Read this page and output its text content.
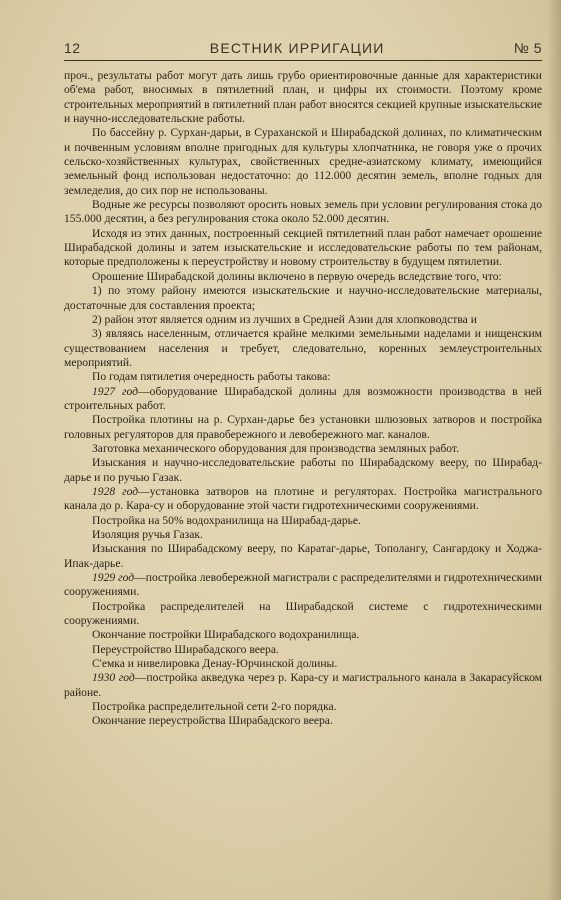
12	ВЕСТНИК ИРРИГАЦИИ	№ 5

проч., результаты работ могут дать лишь грубо ориентировочные данные для характеристики об'ема работ, вносимых в пятилетний план, и цифры их стоимости. Поэтому кроме строительных мероприятий в пятилетний план работ вносятся секцией крупные изыскательские и научно-исследовательские работы.

По бассейну р. Сурхан-дарьи, в Сураханской и Ширабадской долинах, по климатическим и почвенным условиям вполне пригодных для культуры хлопчатника, не говоря уже о прочих сельско-хозяйственных культурах, свойственных средне-азиатскому климату, имеющийся земельный фонд использован недостаточно: до 112.000 десятин земель, вполне годных для земледелия, до сих пор не использованы.

Водные же ресурсы позволяют оросить новых земель при условии регулирования стока до 155.000 десятин, а без регулирования стока около 52.000 десятин.

Исходя из этих данных, построенный секцией пятилетний план работ намечает орошение Ширабадской долины и затем изыскательские и исследовательские работы по тем районам, которые предположены к переустройству и новому строительству в будущем пятилетии.

Орошение Ширабадской долины включено в первую очередь вследствие того, что:

1) по этому району имеются изыскательские и научно-исследовательские материалы, достаточные для составления проекта;

2) район этот является одним из лучших в Средней Азии для хлопководства и

3) являясь населенным, отличается крайне мелкими земельными наделами и нищенским существованием населения и требует, следовательно, коренных землеустроительных мероприятий.

По годам пятилетия очередность работы такова:

1927 год—оборудование Ширабадской долины для возможности производства в ней строительных работ.

Постройка плотины на р. Сурхан-дарье без установки шлюзовых затворов и постройка головных регуляторов для правобережного и левобережного маг. каналов.

Заготовка механического оборудования для производства земляных работ.

Изыскания и научно-исследовательские работы по Ширабадскому вееру, по Ширабад-дарье и по ручью Газак.

1928 год—установка затворов на плотине и регуляторах. Постройка магистрального канала до р. Кара-су и оборудование этой части гидротехническими сооружениями.

Постройка на 50% водохранилища на Ширабад-дарье.

Изоляция ручья Газак.

Изыскания по Ширабадскому вееру, по Каратаг-дарье, Тополангу, Сангардоку и Ходжа-Ипак-дарье.

1929 год—постройка левобережной магистрали с распределителями и гидротехническими сооружениями.

Постройка распределителей на Ширабадской системе с гидротехническими сооружениями.

Окончание постройки Ширабадского водохранилища.

Переустройство Ширабадского веера.

С'емка и нивелировка Денау-Юрчинской долины.

1930 год—постройка акведука через р. Кара-су и магистрального канала в Закарасуйском районе.

Постройка распределительной сети 2-го порядка.

Окончание переустройства Ширабадского веера.
